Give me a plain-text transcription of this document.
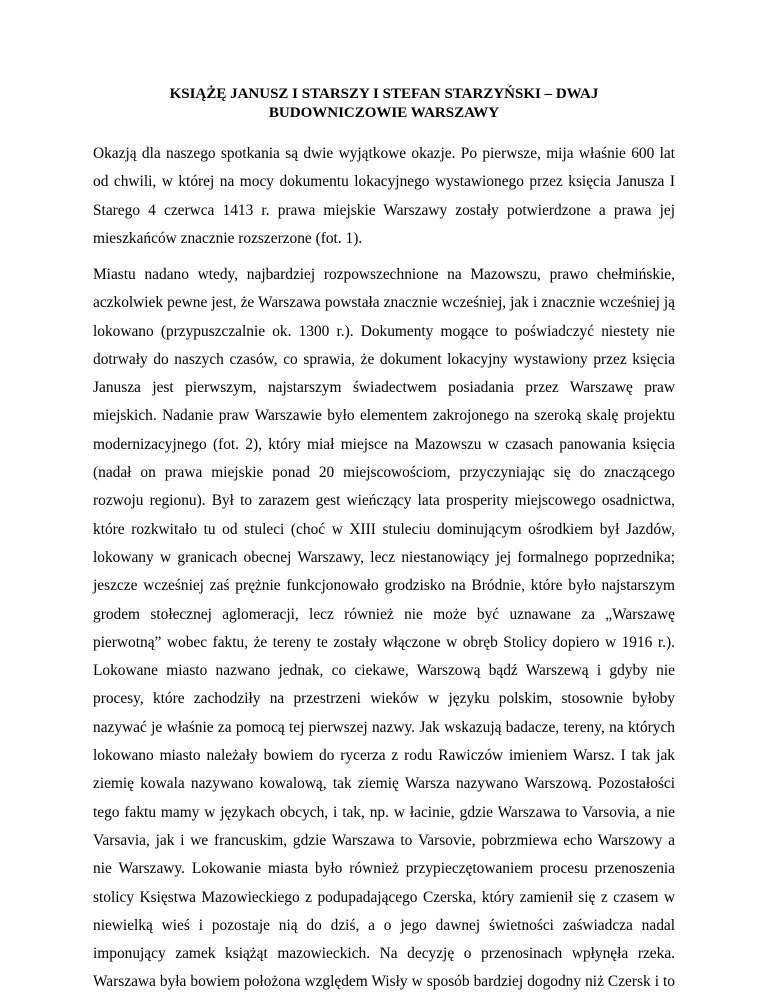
KSIĄŻĘ JANUSZ I STARSZY I STEFAN STARZYŃSKI – DWAJ
BUDOWNICZOWIE WARSZAWY
Okazją dla naszego spotkania są dwie wyjątkowe okazje. Po pierwsze, mija właśnie 600 lat
od chwili, w której na mocy dokumentu lokacyjnego wystawionego przez księcia Janusza I
Starego 4 czerwca 1413 r. prawa miejskie Warszawy zostały potwierdzone a prawa jej
mieszkańców znacznie rozszerzone (fot. 1).
Miastu nadano wtedy, najbardziej rozpowszechnione na Mazowszu, prawo chełmińskie,
aczkolwiek pewne jest, że Warszawa powstała znacznie wcześniej, jak i znacznie wcześniej ją
lokowano (przypuszczalnie ok. 1300 r.). Dokumenty mogące to poświadczyć niestety nie
dotrwały do naszych czasów, co sprawia, że dokument lokacyjny wystawiony przez księcia
Janusza jest pierwszym, najstarszym świadectwem posiadania przez Warszawę praw
miejskich. Nadanie praw Warszawie było elementem zakrojonego na szeroką skalę projektu
modernizacyjnego (fot. 2), który miał miejsce na Mazowszu w czasach panowania księcia
(nadał on prawa miejskie ponad 20 miejscowościom, przyczyniając się do znaczącego
rozwoju regionu). Był to zarazem gest wieńczący lata prosperity miejscowego osadnictwa,
które rozkwitało tu od stuleci (choć w XIII stuleciu dominującym ośrodkiem był Jazdów,
lokowany w granicach obecnej Warszawy, lecz niestanowiący jej formalnego poprzednika;
jeszcze wcześniej zaś prężnie funkcjonowało grodzisko na Bródnie, które było najstarszym
grodem stołecznej aglomeracji, lecz również nie może być uznawane za „Warszawę
pierwotną” wobec faktu, że tereny te zostały włączone w obręb Stolicy dopiero w 1916 r.).
Lokowane miasto nazwano jednak, co ciekawe, Warszową bądź Warszewą i gdyby nie
procesy, które zachodziły na przestrzeni wieków w języku polskim, stosownie byłoby
nazywać je właśnie za pomocą tej pierwszej nazwy. Jak wskazują badacze, tereny, na których
lokowano miasto należały bowiem do rycerza z rodu Rawiczów imieniem Warsz. I tak jak
ziemię kowala nazywano kowalową, tak ziemię Warsza nazywano Warszową. Pozostałości
tego faktu mamy w językach obcych, i tak, np. w łacinie, gdzie Warszawa to Varsovia, a nie
Varsavia, jak i we francuskim, gdzie Warszawa to Varsovie, pobrzmiewa echo Warszowy a
nie Warszawy. Lokowanie miasta było również przypieczętowaniem procesu przenoszenia
stolicy Księstwa Mazowieckiego z podupadającego Czerska, który zamienił się z czasem w
niewielką wieś i pozostaje nią do dziś, a o jego dawnej świetności zaświadcza nadal
imponujący zamek książąt mazowieckich. Na decyzję o przenosinach wpłynęła rzeka.
Warszawa była bowiem położona względem Wisły w sposób bardziej dogodny niż Czersk i to
